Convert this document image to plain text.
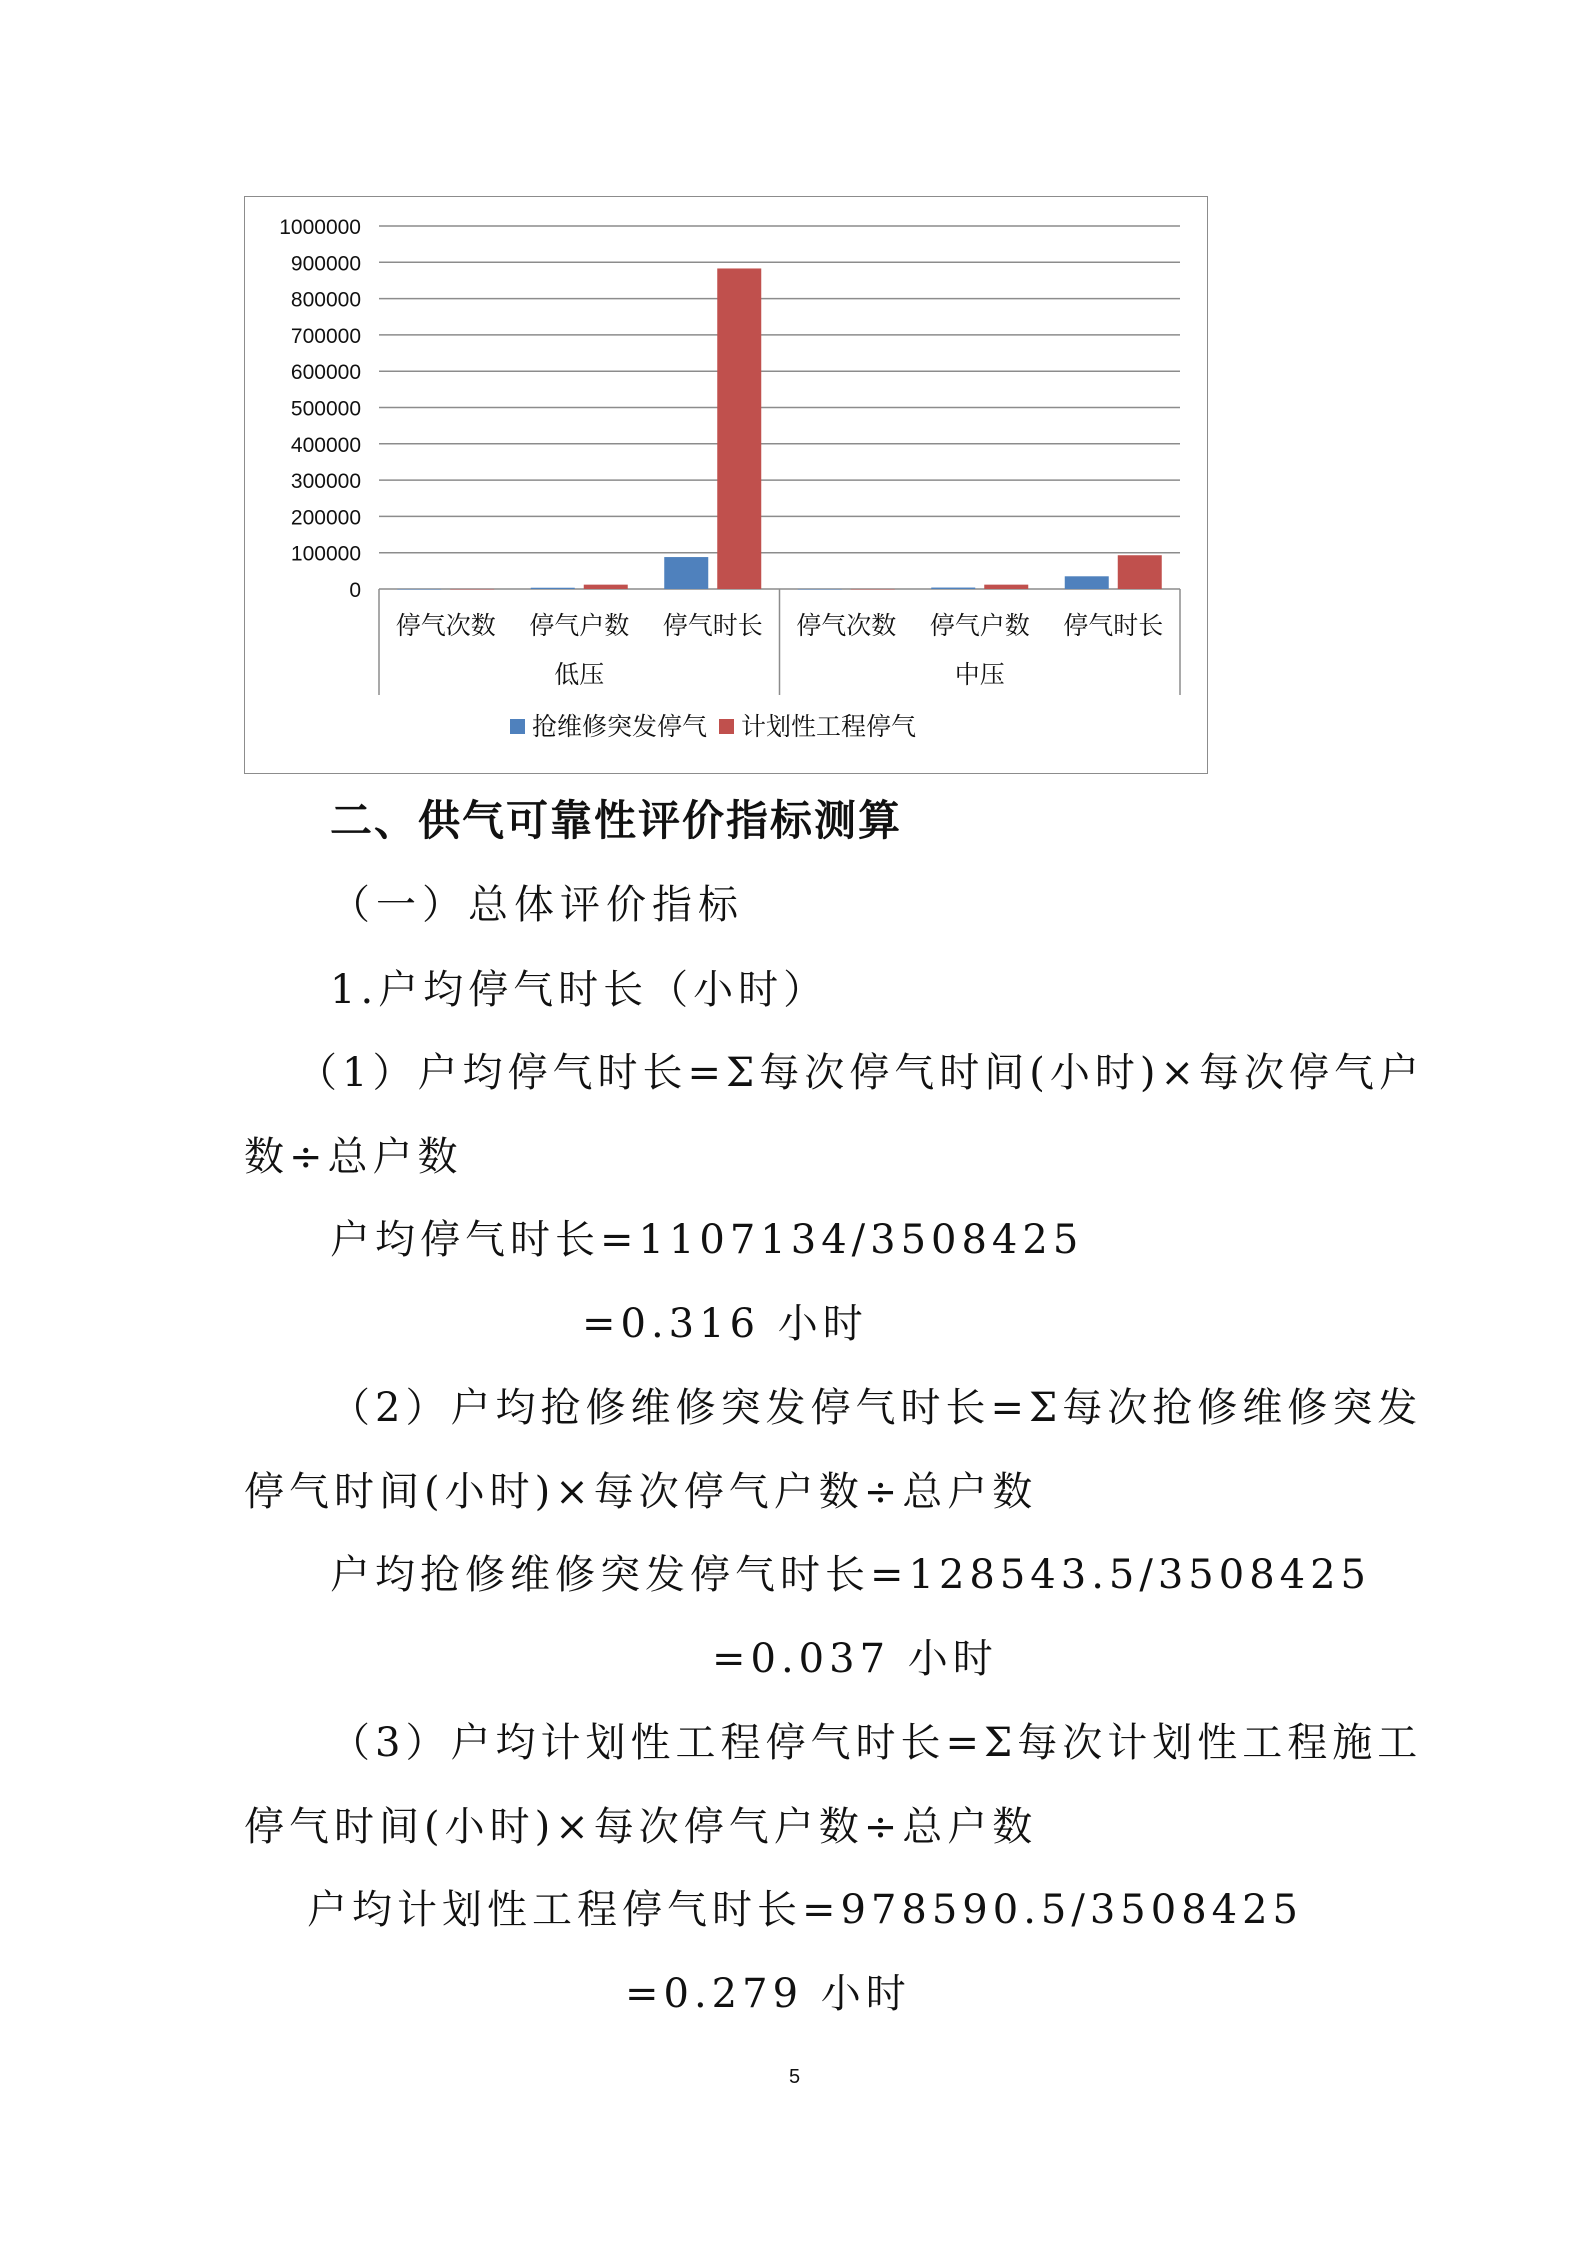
0
100000
200000
300000
400000
500000
600000
700000
800000
900000
1000000
停气次数 停气户数 停气时长 停气次数 停气户数 停气时长
低压	中压
抢维修突发停气 计划性工程停气
二、供气可靠性评价指标测算
（一）总体评价指标
1.户均停气时长（小时）
（1）户均停气时长=Σ每次停气时间(小时)×每次停气户
数÷总户数
户均停气时长=1107134/3508425
=0.316 小时
（2）户均抢修维修突发停气时长=Σ每次抢修维修突发
停气时间(小时)×每次停气户数÷总户数
户均抢修维修突发停气时长=128543.5/3508425
=0.037 小时
（3）户均计划性工程停气时长=Σ每次计划性工程施工
停气时间(小时)×每次停气户数÷总户数
户均计划性工程停气时长=978590.5/3508425
=0.279 小时
5
